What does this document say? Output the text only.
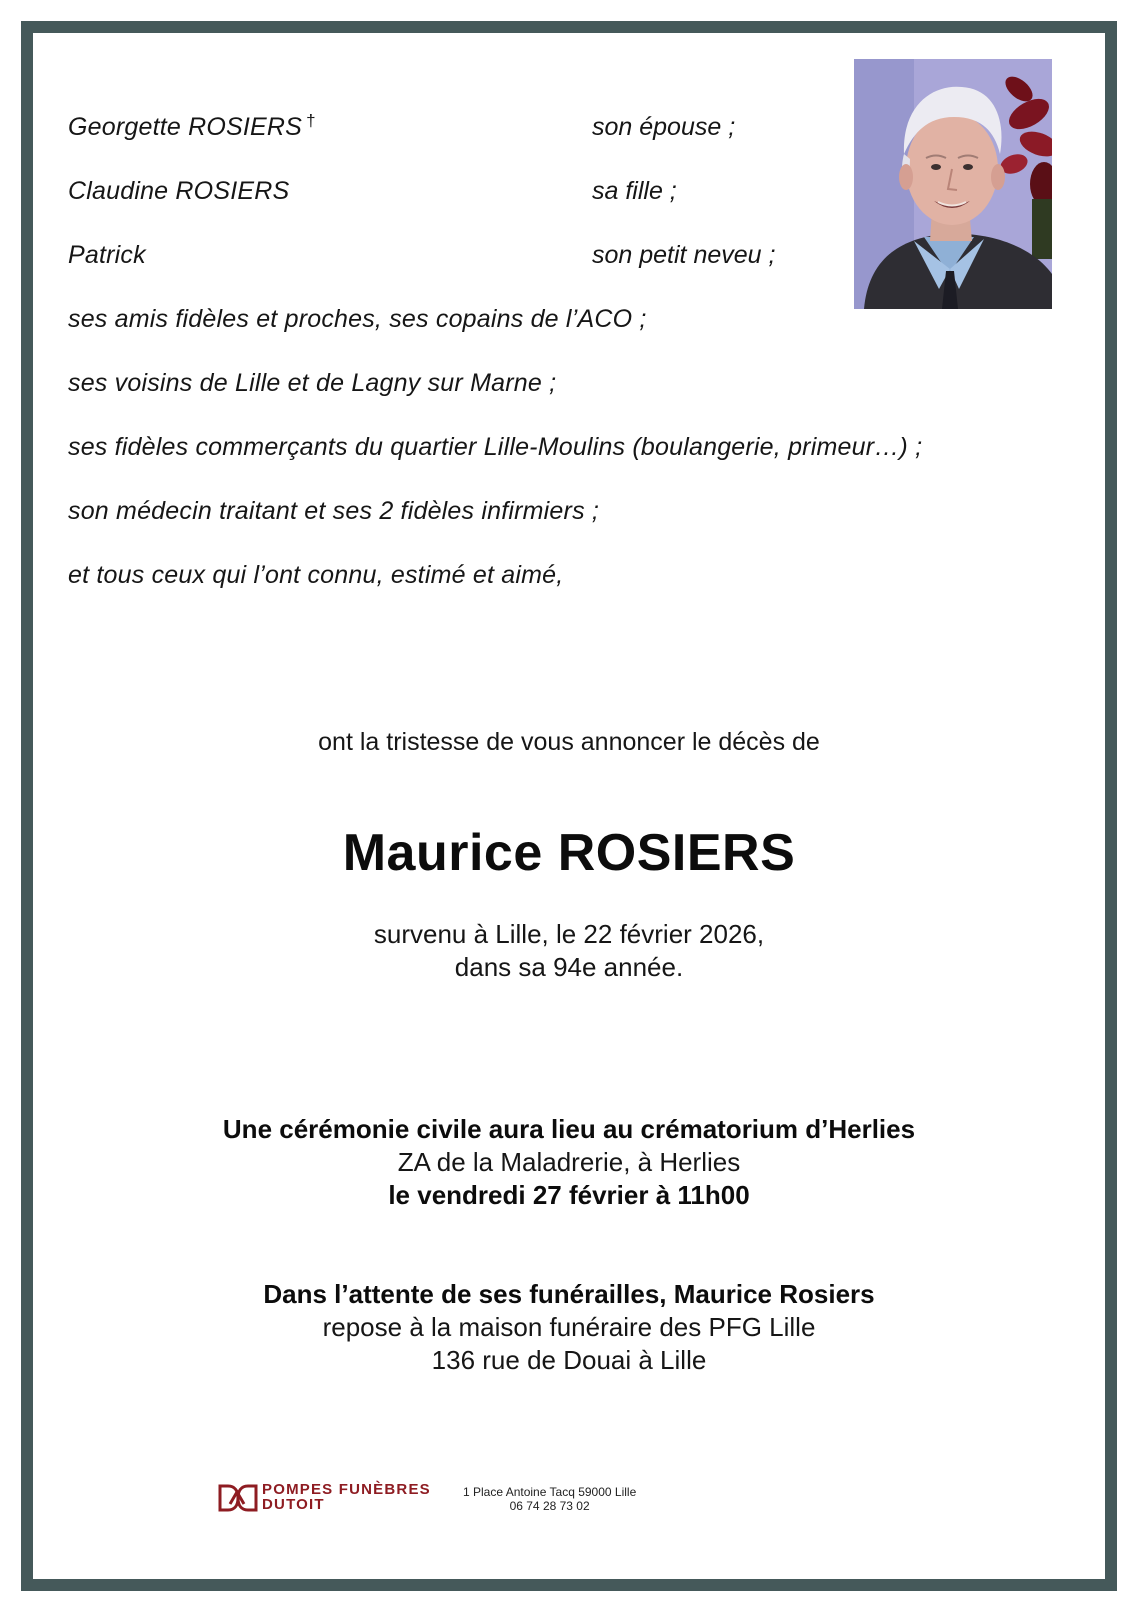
Georgette ROSIERS †	son épouse ;
Claudine ROSIERS	sa fille ;
Patrick	son petit neveu ;
ses amis fidèles et proches, ses copains de l’ACO ;
ses voisins de Lille et de Lagny sur Marne ;
ses fidèles commerçants du quartier Lille-Moulins (boulangerie, primeur…) ;
son médecin traitant et ses 2 fidèles infirmiers ;
et tous ceux qui l’ont connu, estimé et aimé,
ont la tristesse de vous annoncer le décès de
Maurice ROSIERS
survenu à Lille, le 22 février 2026,
dans sa 94e année.
Une cérémonie civile aura lieu au crématorium d’Herlies
ZA de la Maladrerie, à Herlies
le vendredi 27 février à 11h00
Dans l’attente de ses funérailles, Maurice Rosiers
repose à la maison funéraire des PFG Lille
136 rue de Douai à Lille
POMPES FUNÈBRES
DUTOIT
1 Place Antoine Tacq 59000 Lille
06 74 28 73 02
